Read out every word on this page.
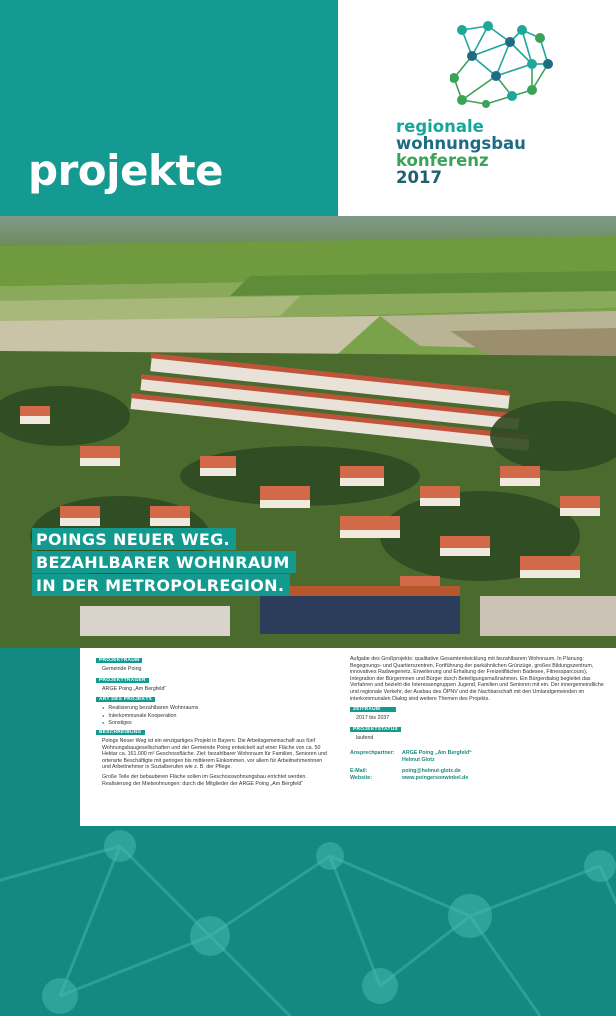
projekte
regionale
wohnungsbau
konferenz
2017
POINGS NEUER WEG.
BEZAHLBARER WOHNRAUM
IN DER METROPOLREGION.
PROJEKTRAUM
Gemeinde Poing
PROJEKTTRÄGER
ARGE Poing „Am Bergfeld“
ART DES PROJEKTS
● Realisierung bezahlbaren Wohnraums
● Interkommunale Kooperation
● Sonstiges
BESCHREIBUNG
Poings Neuer Weg ist ein einzigartiges Projekt in Bayern. Die Arbeitsgemeinschaft aus fünf Wohnungsbaugesellschaften und der Gemeinde Poing entwickelt auf einer Fläche von ca. 50 Hektar ca. 161.000 m² Geschossfläche. Ziel: bezahlbarer Wohnraum für Familien, Senioren und orterarte Beschäftigte mit geringen bis mittlerem Einkommen, vor allem für Arbeitnehmerinnen und Arbeitnehmer in Sozialberufen wie z. B. der Pflege.
Große Teile der bebauberen Fläche sollen im Geschosswohnungsbau errichtet werden. Realisierung der Mietwohnungen: durch die Mitglieder der ARGE Poing „Am Bergfeld“
Aufgabe des Großprojekts: qualitative Gesamtentwicklung mit bezahlbarem Wohnraum. In Planung: Begegnungs- und Quartierszentren, Fortführung der parkähnlichen Grünzüge, großes Bildungszentrum, innovatives Radwegenetz, Erweiterung und Erhaltung der Freizeitflächen Badesee, Fitnessparcours), Integration der Bürgerinnen und Bürger durch Beteiligungsmaßnahmen. Ein Bürgerdialog begleitet das Verfahren und bezieht die Interessengruppen Jugend, Familien und Senioren mit ein. Der innergemeindliche und regionale Verkehr, der Ausbau des ÖPNV und die Nachbarschaft mit den Umlandgemeinden im interkommunalen Dialog sind weitere Themen des Projekts.
ZEITRAUM
2017 bis 2037
PROJEKTSTATUS
laufend
Ansprechpartner:	ARGE Poing „Am Bergfeld“
Helmut Glotz
E-Mail:	poing@helmut-glotz.de
Website:	www.poingersonwinkel.de
